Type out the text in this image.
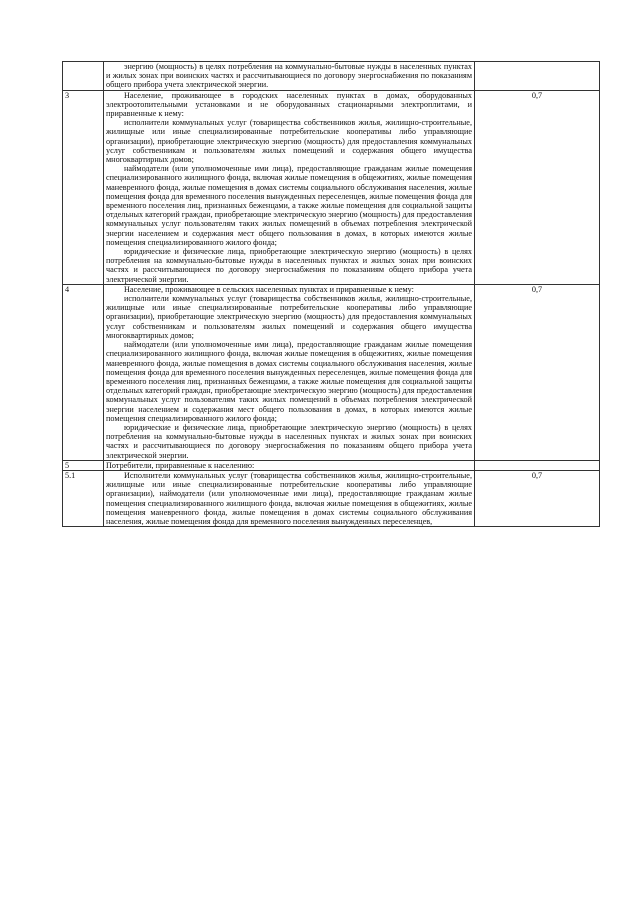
	энергию (мощность) в целях потребления на коммунально-бытовые нужды в населенных пунктах и жилых зонах при воинских частях и рассчитывающиеся по договору энергоснабжения по показаниям общего прибора учета электрической энергии.	

3	Население, проживающее в городских населенных пунктах в домах, оборудованных электроотопительными установками и не оборудованных стационарными электроплитами, и приравненные к нему:

исполнители коммунальных услуг (товарищества собственников жилья, жилищно-строительные, жилищные или иные специализированные потребительские кооперативы либо управляющие организации), приобретающие электрическую энергию (мощность) для предоставления коммунальных услуг собственникам и пользователям жилых помещений и содержания общего имущества многоквартирных домов;

наймодатели (или уполномоченные ими лица), предоставляющие гражданам жилые помещения специализированного жилищного фонда, включая жилые помещения в общежитиях, жилые помещения маневренного фонда, жилые помещения в домах системы социального обслуживания населения, жилые помещения фонда для временного поселения вынужденных переселенцев, жилые помещения фонда для временного поселения лиц, признанных беженцами, а также жилые помещения для социальной защиты отдельных категорий граждан, приобретающие электрическую энергию (мощность) для предоставления коммунальных услуг пользователям таких жилых помещений в объемах потребления электрической энергии населением и содержания мест общего пользования в домах, в которых имеются жилые помещения специализированного жилого фонда;

юридические и физические лица, приобретающие электрическую энергию (мощность) в целях потребления на коммунально-бытовые нужды в населенных пунктах и жилых зонах при воинских частях и рассчитывающиеся по договору энергоснабжения по показаниям общего прибора учета электрической энергии.	0,7
4	Население, проживающее в сельских населенных пунктах и приравненные к нему:

исполнители коммунальных услуг (товарищества собственников жилья, жилищно-строительные, жилищные или иные специализированные потребительские кооперативы либо управляющие организации), приобретающие электрическую энергию (мощность) для предоставления коммунальных услуг собственникам и пользователям жилых помещений и содержания общего имущества многоквартирных домов;

наймодатели (или уполномоченные ими лица), предоставляющие гражданам жилые помещения специализированного жилищного фонда, включая жилые помещения в общежитиях, жилые помещения маневренного фонда, жилые помещения в домах системы социального обслуживания населения, жилые помещения фонда для временного поселения вынужденных переселенцев, жилые помещения фонда для временного поселения лиц, признанных беженцами, а также жилые помещения для социальной защиты отдельных категорий граждан, приобретающие электрическую энергию (мощность) для предоставления коммунальных услуг пользователям таких жилых помещений в объемах потребления электрической энергии населением и содержания мест общего пользования в домах, в которых имеются жилые помещения специализированного жилого фонда;

юридические и физические лица, приобретающие электрическую энергию (мощность) в целях потребления на коммунально-бытовые нужды в населенных пунктах и жилых зонах при воинских частях и рассчитывающиеся по договору энергоснабжения по показаниям общего прибора учета электрической энергии.	0,7
5	Потребители, приравненные к населению:	

5.1	Исполнители коммунальных услуг (товарищества собственников жилья, жилищно-строительные, жилищные или иные специализированные потребительские кооперативы либо управляющие организации), наймодатели (или уполномоченные ими лица), предоставляющие гражданам жилые помещения специализированного жилищного фонда, включая жилые помещения в общежитиях, жилые помещения маневренного фонда, жилые помещения в домах системы социального обслуживания населения, жилые помещения фонда для временного поселения вынужденных переселенцев,	0,7
